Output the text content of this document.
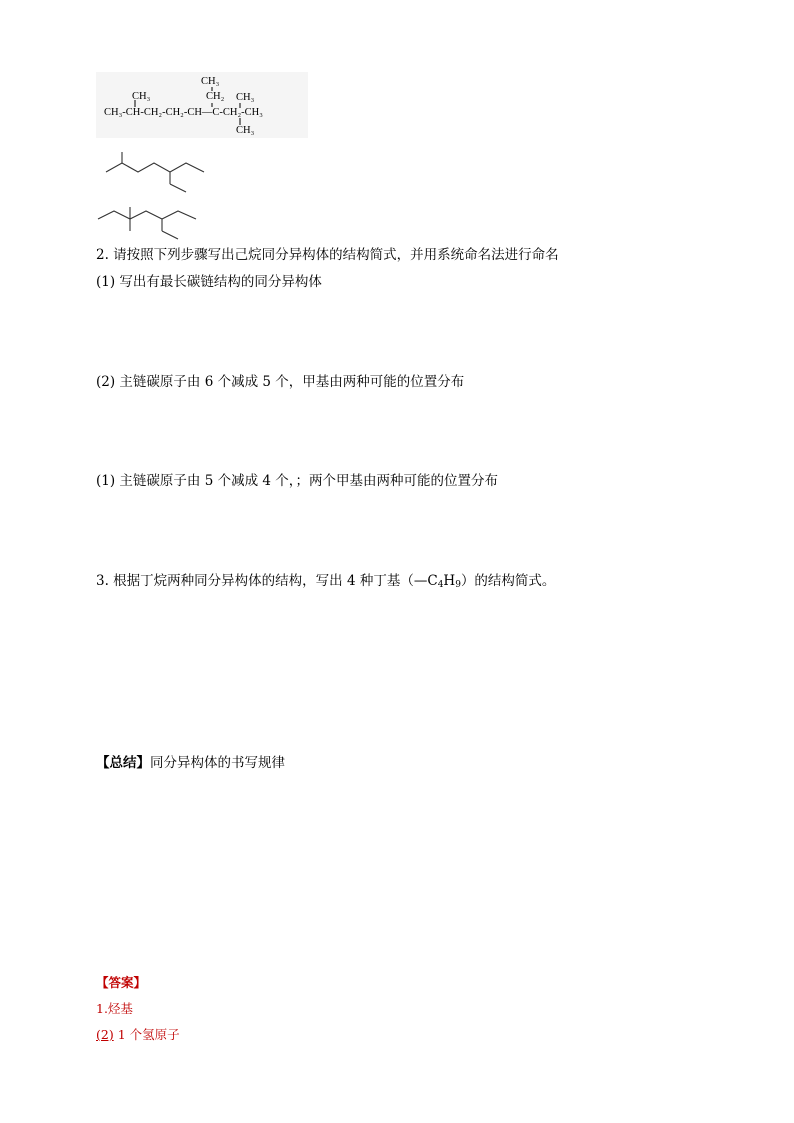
CH₃
CH₂
CH₃	CH₃
CH₃-CH-CH₂-CH₂-CH—C-CH₂-CH₃
CH₃
2. 请按照下列步骤写出己烷同分异构体的结构简式，并用系统命名法进行命名
(1) 写出有最长碳链结构的同分异构体
(2) 主链碳原子由 6 个减成 5 个，甲基由两种可能的位置分布
(1) 主链碳原子由 5 个减成 4 个，；两个甲基由两种可能的位置分布
3. 根据丁烷两种同分异构体的结构，写出 4 种丁基$(—C_4H_9)$的结构简式。
【总结】同分异构体的书写规律
【答案】
1.烃基
(2) 1 个氢原子
